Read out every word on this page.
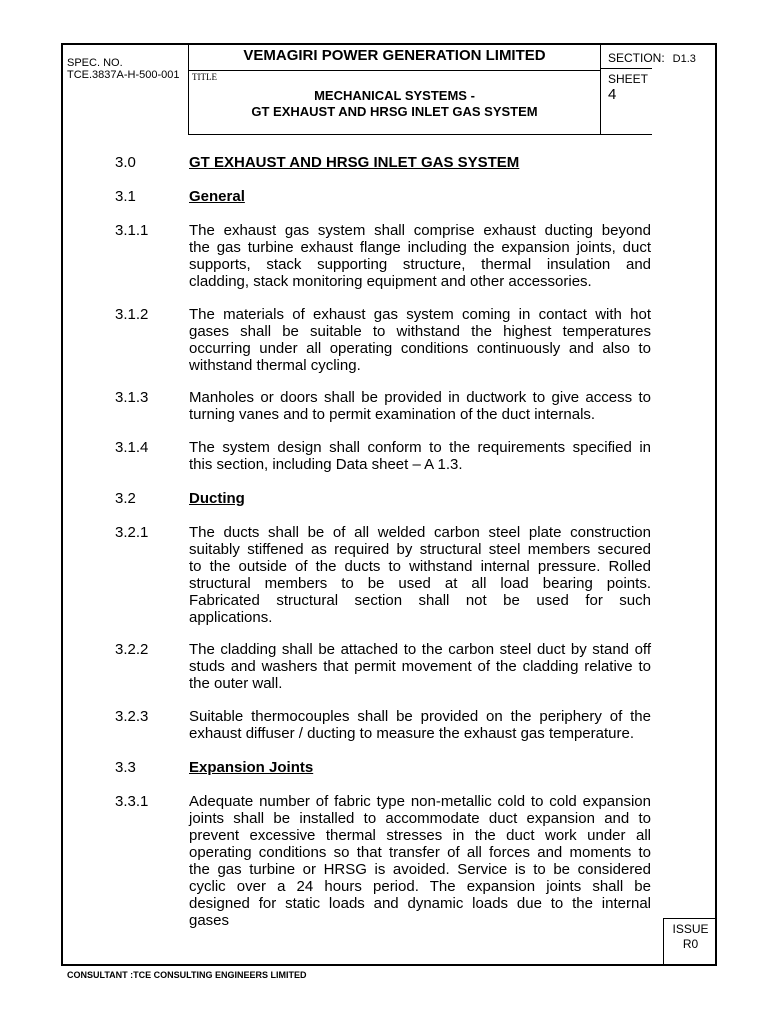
SPEC. NO.
TCE.3837A-H-500-001
VEMAGIRI POWER GENERATION LIMITED
TITLE
MECHANICAL SYSTEMS -
GT EXHAUST AND HRSG INLET GAS SYSTEM
SECTION: D1.3
SHEET
4
3.0	GT EXHAUST AND HRSG INLET GAS SYSTEM
3.1	General
3.1.1	The exhaust gas system shall comprise exhaust ducting beyond
the gas turbine exhaust flange including the expansion joints, duct
supports, stack supporting structure, thermal insulation and
cladding, stack monitoring equipment and other accessories.
3.1.2	The materials of exhaust gas system coming in contact with hot
gases shall be suitable to withstand the highest temperatures
occurring under all operating conditions continuously and also to
withstand thermal cycling.
3.1.3	Manholes or doors shall be provided in ductwork to give access to
turning vanes and to permit examination of the duct internals.
3.1.4	The system design shall conform to the requirements specified in
this section, including Data sheet – A 1.3.
3.2	Ducting
3.2.1	The ducts shall be of all welded carbon steel plate construction
suitably stiffened as required by structural steel members secured
to the outside of the ducts to withstand internal pressure. Rolled
structural members to be used at all load bearing points.
Fabricated structural section shall not be used for such
applications.
3.2.2	The cladding shall be attached to the carbon steel duct by stand off
studs and washers that permit movement of the cladding relative to
the outer wall.
3.2.3	Suitable thermocouples shall be provided on the periphery of the
exhaust diffuser / ducting to measure the exhaust gas temperature.
3.3	Expansion Joints
3.3.1	Adequate number of fabric type non-metallic cold to cold expansion
joints shall be installed to accommodate duct expansion and to
prevent excessive thermal stresses in the duct work under all
operating conditions so that transfer of all forces and moments to
the gas turbine or HRSG is avoided. Service is to be considered
cyclic over a 24 hours period. The expansion joints shall be
designed for static loads and dynamic loads due to the internal
gases	ISSUE
R0
CONSULTANT :TCE CONSULTING ENGINEERS LIMITED
